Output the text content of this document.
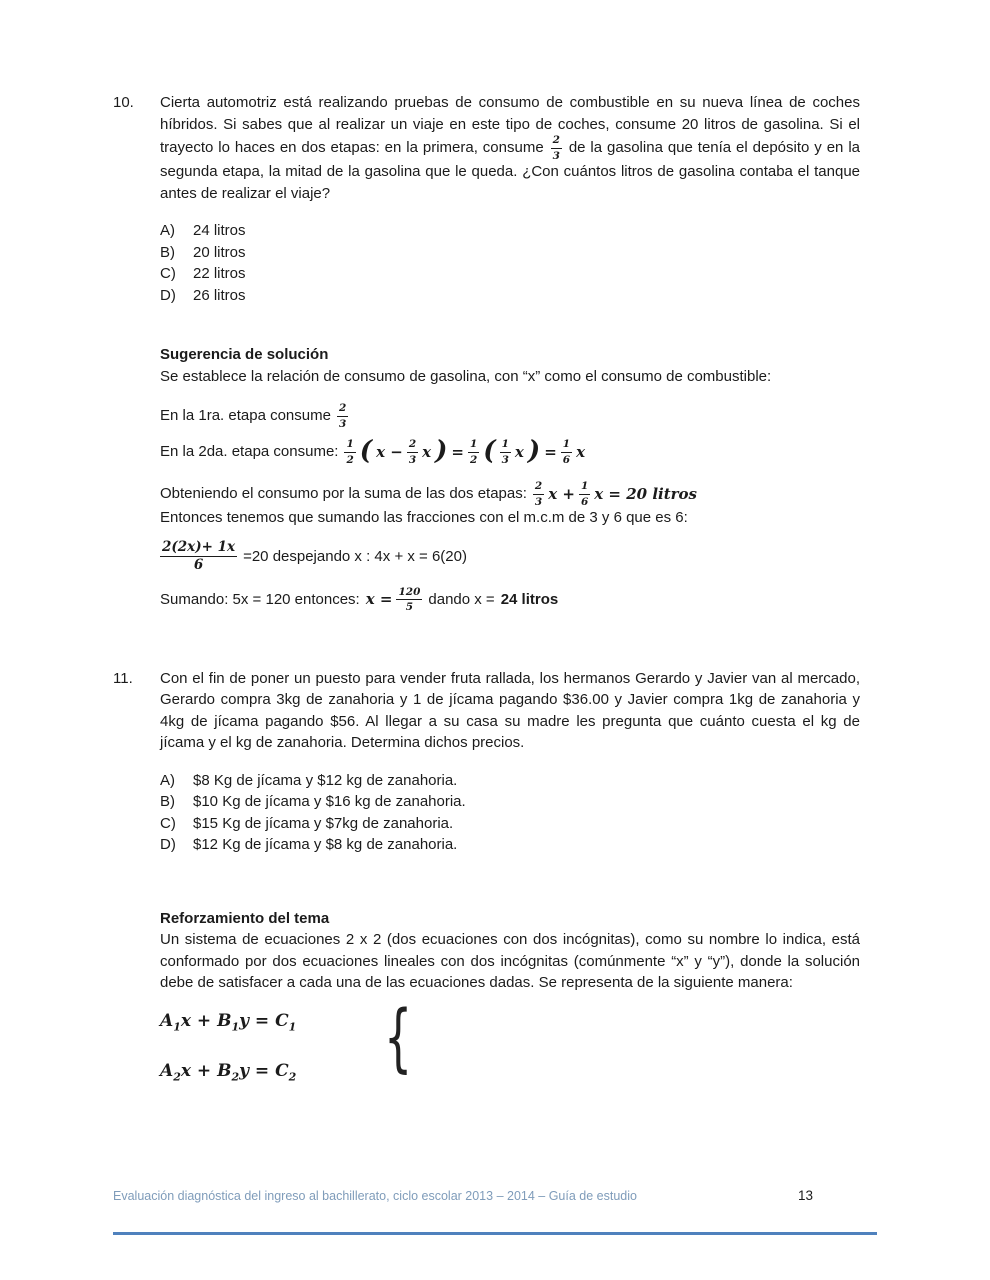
10.	Cierta automotriz está realizando pruebas de consumo de combustible en su nueva línea de coches híbridos. Si sabes que al realizar un viaje en este tipo de coches, consume 20 litros de gasolina. Si el trayecto lo haces en dos etapas: en la primera, consume $\frac{2}{3}$ de la gasolina que tenía el depósito y en la segunda etapa, la mitad de la gasolina que le queda. ¿Con cuántos litros de gasolina contaba el tanque antes de realizar el viaje?

A)	24 litros
B)	20 litros
C)	22 litros
D)	26 litros
Sugerencia de solución

Se establece la relación de consumo de gasolina, con “x” como el consumo de combustible:

En la 1ra. etapa consume $\frac{2}{3}$
En la 2da. etapa consume: $\frac{1}{2}$ ( $x - \frac{2}{3}$ x ) = $\frac{1}{2}$ ( $\frac{1}{3}$ x ) = $\frac{1}{6}$ x
Obteniendo el consumo por la suma de las dos etapas: $\frac{2}{3}$ $x + \frac{1}{6}$ x = 20 litros

Entonces tenemos que sumando las fracciones con el m.c.m de 3 y 6 que es 6:

$\frac{2(2x)+ 1x}{6} =20$ despejando x : 4x + x = 6(20)
Sumando: 5x = 120 entonces: $x = \frac{120}{5}$ dando x = 24 litros
11.	Con el fin de poner un puesto para vender fruta rallada, los hermanos Gerardo y Javier van al mercado, Gerardo compra 3kg de zanahoria y 1 de jícama pagando $36.00 y Javier compra 1kg de zanahoria y 4kg de jícama pagando $56. Al llegar a su casa su madre les pregunta que cuánto cuesta el kg de jícama y el kg de zanahoria. Determina dichos precios.

A)	$8 Kg de jícama y $12 kg de zanahoria.
B)	$10 Kg de jícama y $16 kg de zanahoria.
C)	$15 Kg de jícama y $7kg de zanahoria.
D)	$12 Kg de jícama y $8 kg de zanahoria.
Reforzamiento del tema

Un sistema de ecuaciones 2 x 2 (dos ecuaciones con dos incógnitas), como su nombre lo indica, está conformado por dos ecuaciones lineales con dos incógnitas (comúnmente “x” y “y”), donde la solución debe de satisfacer a cada una de las ecuaciones dadas. Se representa de la siguiente manera:

$A_1x + B_1y = C_1$
$A_2x + B_2y = C_2$	{
Evaluación diagnóstica del ingreso al bachillerato, ciclo escolar 2013 – 2014 – Guía de estudio	13
